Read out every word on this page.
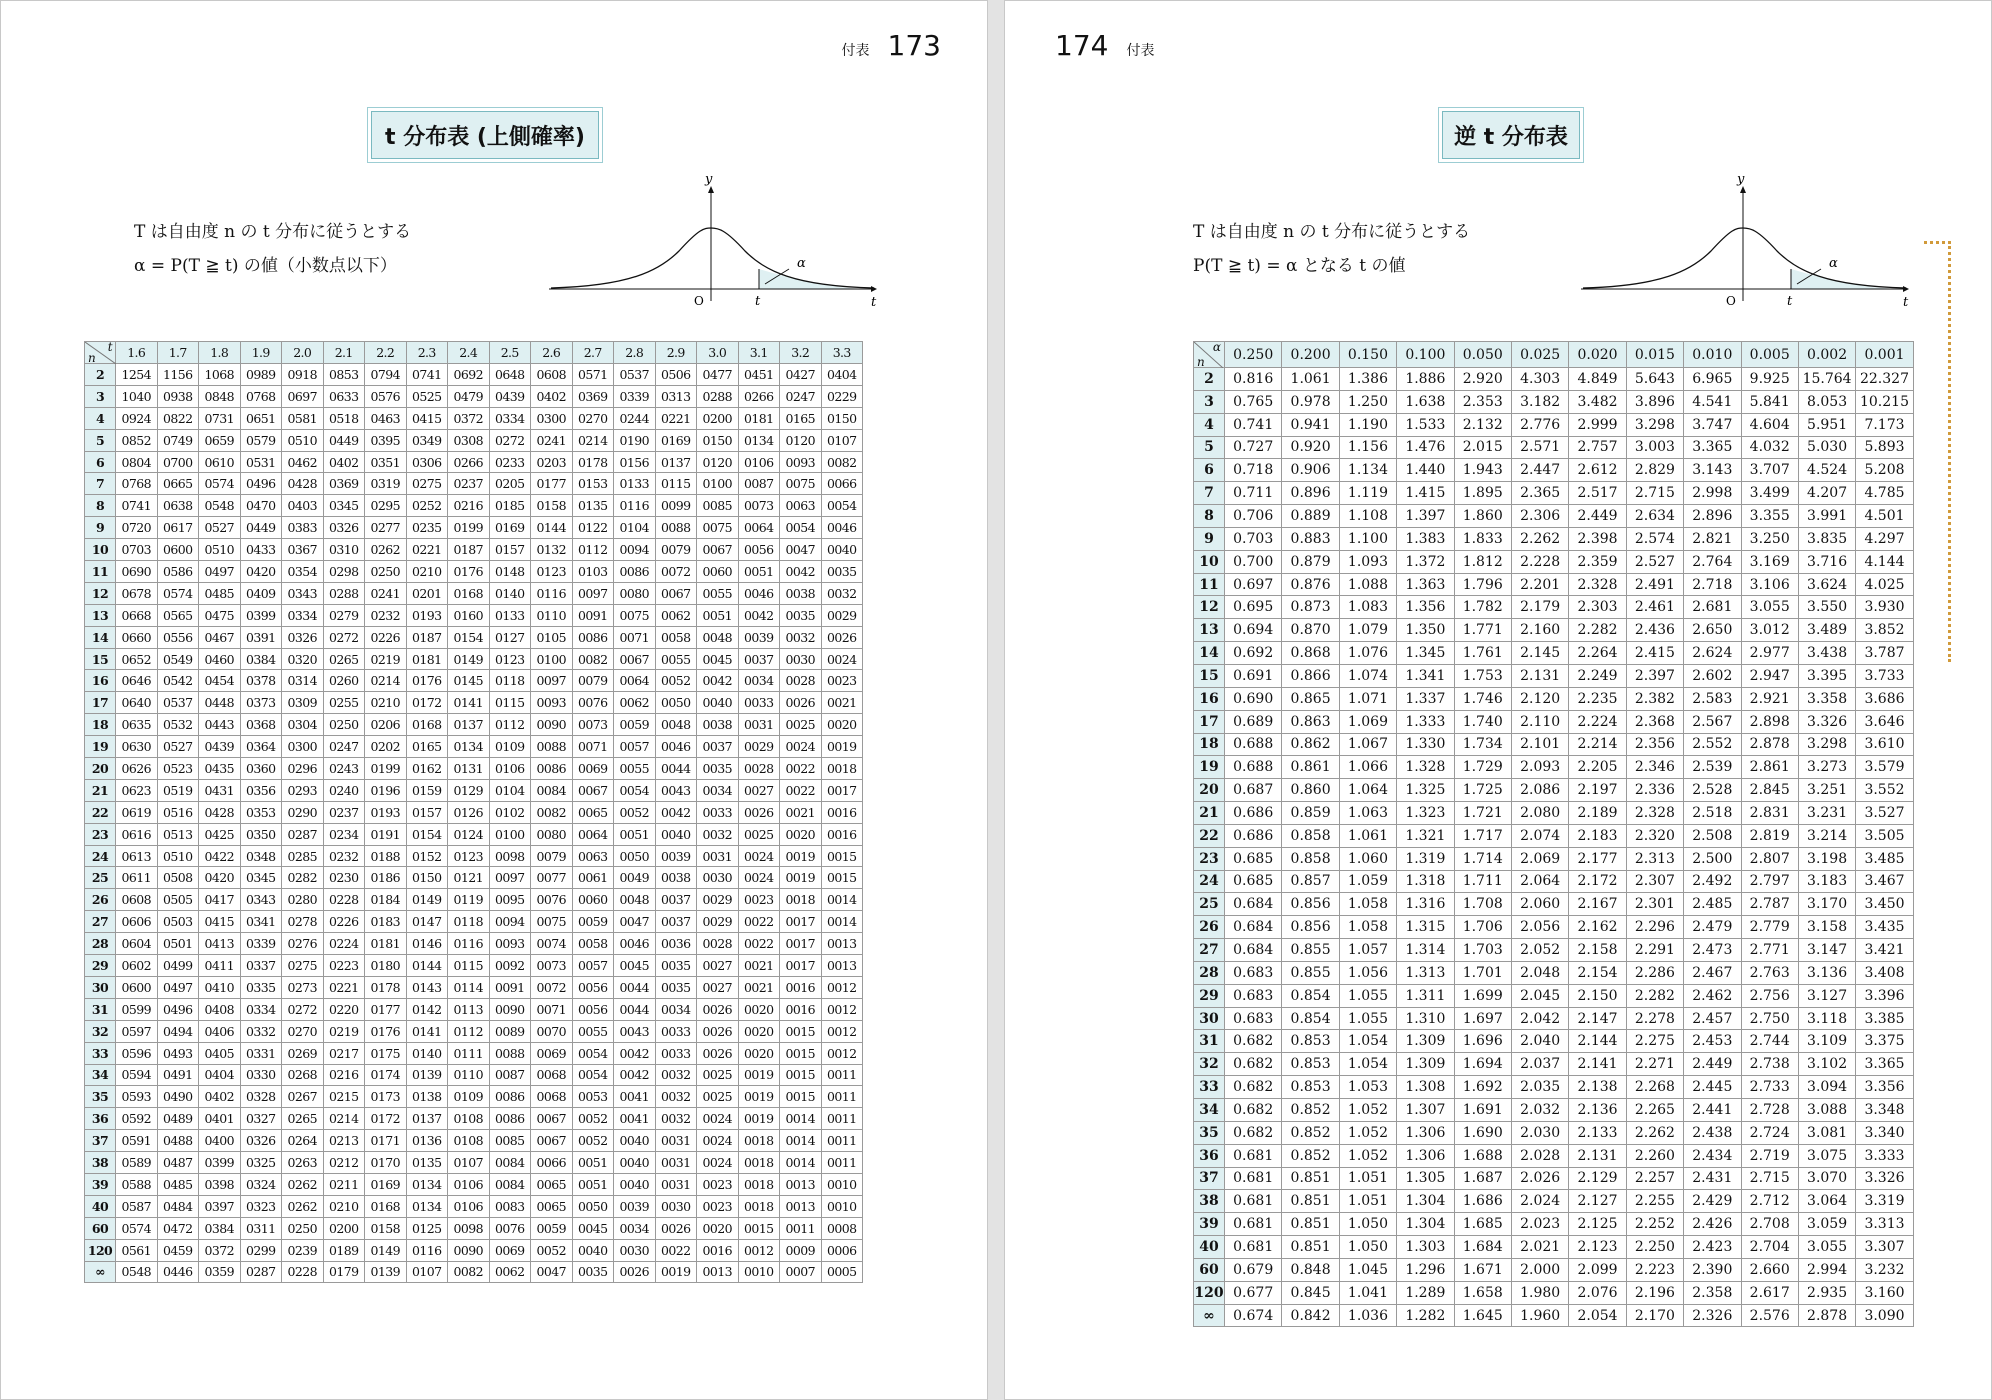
付表 173
t 分布表 (上側確率)
T は自由度 n の t 分布に従うとする
α = P(T ≧ t) の値（小数点以下）
y
t
O	t
α
t
n	1.6	1.7	1.8	1.9	2.0	2.1	2.2	2.3	2.4	2.5	2.6	2.7	2.8	2.9	3.0	3.1	3.2	3.3
2	1254	1156	1068	0989	0918	0853	0794	0741	0692	0648	0608	0571	0537	0506	0477	0451	0427	0404
3	1040	0938	0848	0768	0697	0633	0576	0525	0479	0439	0402	0369	0339	0313	0288	0266	0247	0229
4	0924	0822	0731	0651	0581	0518	0463	0415	0372	0334	0300	0270	0244	0221	0200	0181	0165	0150
5	0852	0749	0659	0579	0510	0449	0395	0349	0308	0272	0241	0214	0190	0169	0150	0134	0120	0107
6	0804	0700	0610	0531	0462	0402	0351	0306	0266	0233	0203	0178	0156	0137	0120	0106	0093	0082
7	0768	0665	0574	0496	0428	0369	0319	0275	0237	0205	0177	0153	0133	0115	0100	0087	0075	0066
8	0741	0638	0548	0470	0403	0345	0295	0252	0216	0185	0158	0135	0116	0099	0085	0073	0063	0054
9	0720	0617	0527	0449	0383	0326	0277	0235	0199	0169	0144	0122	0104	0088	0075	0064	0054	0046
10	0703	0600	0510	0433	0367	0310	0262	0221	0187	0157	0132	0112	0094	0079	0067	0056	0047	0040
11	0690	0586	0497	0420	0354	0298	0250	0210	0176	0148	0123	0103	0086	0072	0060	0051	0042	0035
12	0678	0574	0485	0409	0343	0288	0241	0201	0168	0140	0116	0097	0080	0067	0055	0046	0038	0032
13	0668	0565	0475	0399	0334	0279	0232	0193	0160	0133	0110	0091	0075	0062	0051	0042	0035	0029
14	0660	0556	0467	0391	0326	0272	0226	0187	0154	0127	0105	0086	0071	0058	0048	0039	0032	0026
15	0652	0549	0460	0384	0320	0265	0219	0181	0149	0123	0100	0082	0067	0055	0045	0037	0030	0024
16	0646	0542	0454	0378	0314	0260	0214	0176	0145	0118	0097	0079	0064	0052	0042	0034	0028	0023
17	0640	0537	0448	0373	0309	0255	0210	0172	0141	0115	0093	0076	0062	0050	0040	0033	0026	0021
18	0635	0532	0443	0368	0304	0250	0206	0168	0137	0112	0090	0073	0059	0048	0038	0031	0025	0020
19	0630	0527	0439	0364	0300	0247	0202	0165	0134	0109	0088	0071	0057	0046	0037	0029	0024	0019
20	0626	0523	0435	0360	0296	0243	0199	0162	0131	0106	0086	0069	0055	0044	0035	0028	0022	0018
21	0623	0519	0431	0356	0293	0240	0196	0159	0129	0104	0084	0067	0054	0043	0034	0027	0022	0017
22	0619	0516	0428	0353	0290	0237	0193	0157	0126	0102	0082	0065	0052	0042	0033	0026	0021	0016
23	0616	0513	0425	0350	0287	0234	0191	0154	0124	0100	0080	0064	0051	0040	0032	0025	0020	0016
24	0613	0510	0422	0348	0285	0232	0188	0152	0123	0098	0079	0063	0050	0039	0031	0024	0019	0015
25	0611	0508	0420	0345	0282	0230	0186	0150	0121	0097	0077	0061	0049	0038	0030	0024	0019	0015
26	0608	0505	0417	0343	0280	0228	0184	0149	0119	0095	0076	0060	0048	0037	0029	0023	0018	0014
27	0606	0503	0415	0341	0278	0226	0183	0147	0118	0094	0075	0059	0047	0037	0029	0022	0017	0014
28	0604	0501	0413	0339	0276	0224	0181	0146	0116	0093	0074	0058	0046	0036	0028	0022	0017	0013
29	0602	0499	0411	0337	0275	0223	0180	0144	0115	0092	0073	0057	0045	0035	0027	0021	0017	0013
30	0600	0497	0410	0335	0273	0221	0178	0143	0114	0091	0072	0056	0044	0035	0027	0021	0016	0012
31	0599	0496	0408	0334	0272	0220	0177	0142	0113	0090	0071	0056	0044	0034	0026	0020	0016	0012
32	0597	0494	0406	0332	0270	0219	0176	0141	0112	0089	0070	0055	0043	0033	0026	0020	0015	0012
33	0596	0493	0405	0331	0269	0217	0175	0140	0111	0088	0069	0054	0042	0033	0026	0020	0015	0012
34	0594	0491	0404	0330	0268	0216	0174	0139	0110	0087	0068	0054	0042	0032	0025	0019	0015	0011
35	0593	0490	0402	0328	0267	0215	0173	0138	0109	0086	0068	0053	0041	0032	0025	0019	0015	0011
36	0592	0489	0401	0327	0265	0214	0172	0137	0108	0086	0067	0052	0041	0032	0024	0019	0014	0011
37	0591	0488	0400	0326	0264	0213	0171	0136	0108	0085	0067	0052	0040	0031	0024	0018	0014	0011
38	0589	0487	0399	0325	0263	0212	0170	0135	0107	0084	0066	0051	0040	0031	0024	0018	0014	0011
39	0588	0485	0398	0324	0262	0211	0169	0134	0106	0084	0065	0051	0040	0031	0023	0018	0013	0010
40	0587	0484	0397	0323	0262	0210	0168	0134	0106	0083	0065	0050	0039	0030	0023	0018	0013	0010
60	0574	0472	0384	0311	0250	0200	0158	0125	0098	0076	0059	0045	0034	0026	0020	0015	0011	0008
120	0561	0459	0372	0299	0239	0189	0149	0116	0090	0069	0052	0040	0030	0022	0016	0012	0009	0006
∞	0548	0446	0359	0287	0228	0179	0139	0107	0082	0062	0047	0035	0026	0019	0013	0010	0007	0005
174 付表
逆 t 分布表
T は自由度 n の t 分布に従うとする
P(T ≧ t) = α となる t の値
y
t
O	t
α
α
n	0.250	0.200	0.150	0.100	0.050	0.025	0.020	0.015	0.010	0.005	0.002	0.001
2	0.816	1.061	1.386	1.886	2.920	4.303	4.849	5.643	6.965	9.925	15.764	22.327
3	0.765	0.978	1.250	1.638	2.353	3.182	3.482	3.896	4.541	5.841	8.053	10.215
4	0.741	0.941	1.190	1.533	2.132	2.776	2.999	3.298	3.747	4.604	5.951	7.173
5	0.727	0.920	1.156	1.476	2.015	2.571	2.757	3.003	3.365	4.032	5.030	5.893
6	0.718	0.906	1.134	1.440	1.943	2.447	2.612	2.829	3.143	3.707	4.524	5.208
7	0.711	0.896	1.119	1.415	1.895	2.365	2.517	2.715	2.998	3.499	4.207	4.785
8	0.706	0.889	1.108	1.397	1.860	2.306	2.449	2.634	2.896	3.355	3.991	4.501
9	0.703	0.883	1.100	1.383	1.833	2.262	2.398	2.574	2.821	3.250	3.835	4.297
10	0.700	0.879	1.093	1.372	1.812	2.228	2.359	2.527	2.764	3.169	3.716	4.144
11	0.697	0.876	1.088	1.363	1.796	2.201	2.328	2.491	2.718	3.106	3.624	4.025
12	0.695	0.873	1.083	1.356	1.782	2.179	2.303	2.461	2.681	3.055	3.550	3.930
13	0.694	0.870	1.079	1.350	1.771	2.160	2.282	2.436	2.650	3.012	3.489	3.852
14	0.692	0.868	1.076	1.345	1.761	2.145	2.264	2.415	2.624	2.977	3.438	3.787
15	0.691	0.866	1.074	1.341	1.753	2.131	2.249	2.397	2.602	2.947	3.395	3.733
16	0.690	0.865	1.071	1.337	1.746	2.120	2.235	2.382	2.583	2.921	3.358	3.686
17	0.689	0.863	1.069	1.333	1.740	2.110	2.224	2.368	2.567	2.898	3.326	3.646
18	0.688	0.862	1.067	1.330	1.734	2.101	2.214	2.356	2.552	2.878	3.298	3.610
19	0.688	0.861	1.066	1.328	1.729	2.093	2.205	2.346	2.539	2.861	3.273	3.579
20	0.687	0.860	1.064	1.325	1.725	2.086	2.197	2.336	2.528	2.845	3.251	3.552
21	0.686	0.859	1.063	1.323	1.721	2.080	2.189	2.328	2.518	2.831	3.231	3.527
22	0.686	0.858	1.061	1.321	1.717	2.074	2.183	2.320	2.508	2.819	3.214	3.505
23	0.685	0.858	1.060	1.319	1.714	2.069	2.177	2.313	2.500	2.807	3.198	3.485
24	0.685	0.857	1.059	1.318	1.711	2.064	2.172	2.307	2.492	2.797	3.183	3.467
25	0.684	0.856	1.058	1.316	1.708	2.060	2.167	2.301	2.485	2.787	3.170	3.450
26	0.684	0.856	1.058	1.315	1.706	2.056	2.162	2.296	2.479	2.779	3.158	3.435
27	0.684	0.855	1.057	1.314	1.703	2.052	2.158	2.291	2.473	2.771	3.147	3.421
28	0.683	0.855	1.056	1.313	1.701	2.048	2.154	2.286	2.467	2.763	3.136	3.408
29	0.683	0.854	1.055	1.311	1.699	2.045	2.150	2.282	2.462	2.756	3.127	3.396
30	0.683	0.854	1.055	1.310	1.697	2.042	2.147	2.278	2.457	2.750	3.118	3.385
31	0.682	0.853	1.054	1.309	1.696	2.040	2.144	2.275	2.453	2.744	3.109	3.375
32	0.682	0.853	1.054	1.309	1.694	2.037	2.141	2.271	2.449	2.738	3.102	3.365
33	0.682	0.853	1.053	1.308	1.692	2.035	2.138	2.268	2.445	2.733	3.094	3.356
34	0.682	0.852	1.052	1.307	1.691	2.032	2.136	2.265	2.441	2.728	3.088	3.348
35	0.682	0.852	1.052	1.306	1.690	2.030	2.133	2.262	2.438	2.724	3.081	3.340
36	0.681	0.852	1.052	1.306	1.688	2.028	2.131	2.260	2.434	2.719	3.075	3.333
37	0.681	0.851	1.051	1.305	1.687	2.026	2.129	2.257	2.431	2.715	3.070	3.326
38	0.681	0.851	1.051	1.304	1.686	2.024	2.127	2.255	2.429	2.712	3.064	3.319
39	0.681	0.851	1.050	1.304	1.685	2.023	2.125	2.252	2.426	2.708	3.059	3.313
40	0.681	0.851	1.050	1.303	1.684	2.021	2.123	2.250	2.423	2.704	3.055	3.307
60	0.679	0.848	1.045	1.296	1.671	2.000	2.099	2.223	2.390	2.660	2.994	3.232
120	0.677	0.845	1.041	1.289	1.658	1.980	2.076	2.196	2.358	2.617	2.935	3.160
∞	0.674	0.842	1.036	1.282	1.645	1.960	2.054	2.170	2.326	2.576	2.878	3.090
